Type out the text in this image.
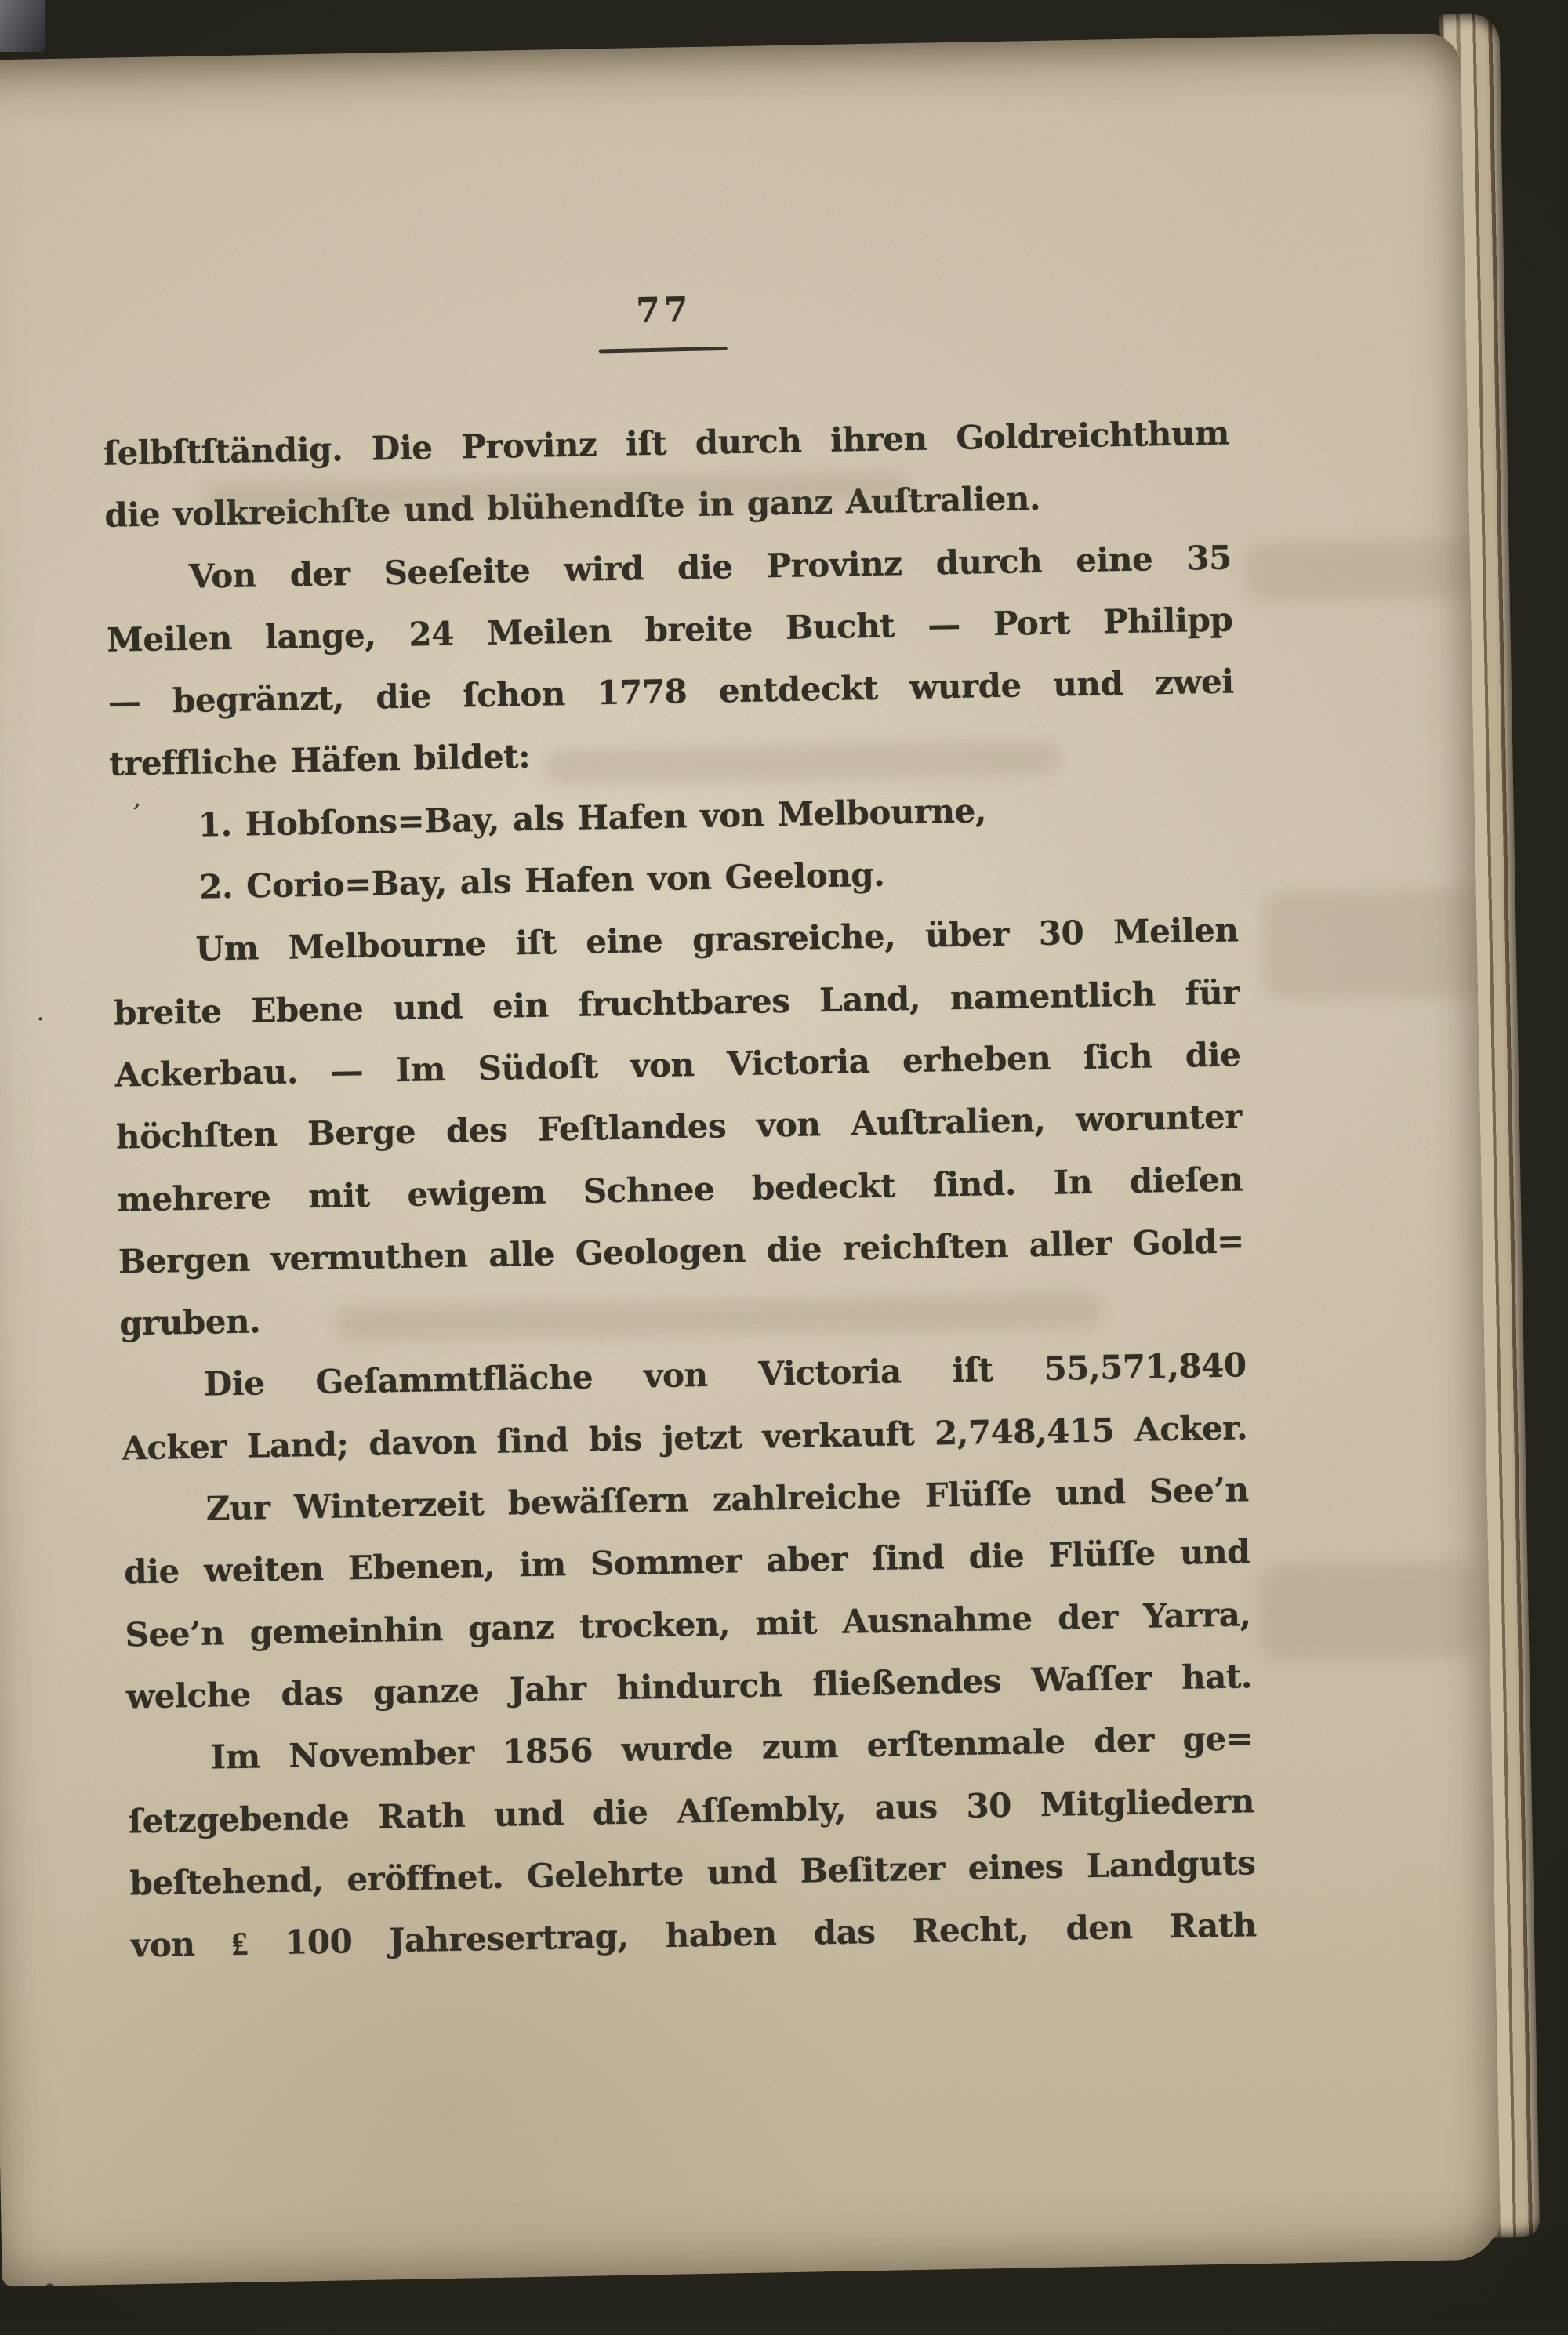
77
’
ſelbſtſtändig. Die Provinz iſt durch ihren Goldreichthum
die volkreichſte und blühendſte in ganz Auſtralien.
Von der Seeſeite wird die Provinz durch eine 35
Meilen lange, 24 Meilen breite Bucht — Port Philipp
— begränzt, die ſchon 1778 entdeckt wurde und zwei
treffliche Häfen bildet:
1. Hobſons=Bay, als Hafen von Melbourne,
2. Corio=Bay, als Hafen von Geelong.
Um Melbourne iſt eine grasreiche, über 30 Meilen
breite Ebene und ein fruchtbares Land, namentlich für
Ackerbau. — Im Südoſt von Victoria erheben ſich die
höchſten Berge des Feſtlandes von Auſtralien, worunter
mehrere mit ewigem Schnee bedeckt ſind. In dieſen
Bergen vermuthen alle Geologen die reichſten aller Gold=
gruben.
Die Geſammtfläche von Victoria iſt 55,571,840
Acker Land; davon ſind bis jetzt verkauft 2,748,415 Acker.
Zur Winterzeit bewäſſern zahlreiche Flüſſe und See’n
die weiten Ebenen, im Sommer aber ſind die Flüſſe und
See’n gemeinhin ganz trocken, mit Ausnahme der Yarra,
welche das ganze Jahr hindurch fließendes Waſſer hat.
Im November 1856 wurde zum erſtenmale der ge=
ſetzgebende Rath und die Aſſembly, aus 30 Mitgliedern
beſtehend, eröffnet. Gelehrte und Beſitzer eines Landguts
von ₤ 100 Jahresertrag, haben das Recht, den Rath
